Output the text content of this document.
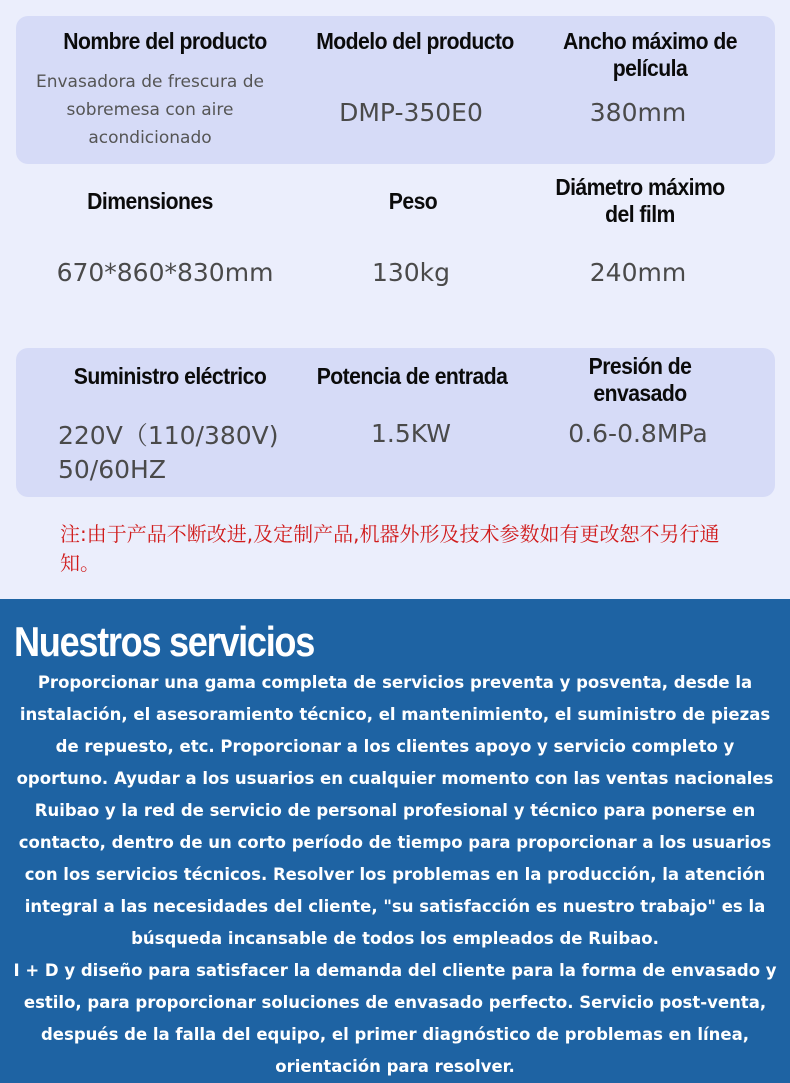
Nombre del producto
Envasadora de frescura de sobremesa con aire acondicionado
Modelo del producto
DMP-350E0
Ancho máximo de película
380mm
Dimensiones
670*860*830mm
Peso
130kg
Diámetro máximo del film
240mm
Suministro eléctrico
220V（110/380V) 50/60HZ
Potencia de entrada
1.5KW
Presión de envasado
0.6-0.8MPa
注:由于产品不断改进,及定制产品,机器外形及技术参数如有更改恕不另行通知。
Nuestros servicios

Proporcionar una gama completa de servicios preventa y posventa, desde la instalación, el asesoramiento técnico, el mantenimiento, el suministro de piezas de repuesto, etc. Proporcionar a los clientes apoyo y servicio completo y oportuno. Ayudar a los usuarios en cualquier momento con las ventas nacionales Ruibao y la red de servicio de personal profesional y técnico para ponerse en contacto, dentro de un corto período de tiempo para proporcionar a los usuarios con los servicios técnicos. Resolver los problemas en la producción, la atención integral a las necesidades del cliente, "su satisfacción es nuestro trabajo" es la búsqueda incansable de todos los empleados de Ruibao.

I + D y diseño para satisfacer la demanda del cliente para la forma de envasado y estilo, para proporcionar soluciones de envasado perfecto. Servicio post-venta, después de la falla del equipo, el primer diagnóstico de problemas en línea, orientación para resolver.
